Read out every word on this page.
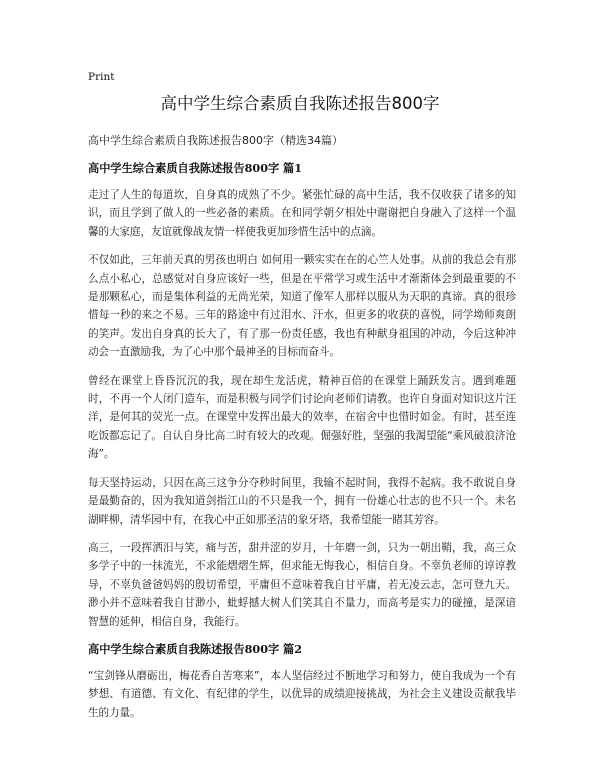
Print
高中学生综合素质自我陈述报告800字
高中学生综合素质自我陈述报告800字（精选34篇）
高中学生综合素质自我陈述报告800字 篇1

走过了人生的每道坎，自身真的成熟了不少。紧张忙碌的高中生活，我不仅收获了诸多的知识，而且学到了做人的一些必备的素质。在和同学朝夕相处中谢谢把自身融入了这样一个温馨的大家庭，友谊就像战友情一样使我更加珍惜生活中的点滴。

不仅如此，三年前天真的男孩也明白 如何用一颗实实在在的心竺人处事。从前的我总会有那么点小私心，总感觉对自身应该好一些，但是在平常学习或生活中才渐渐体会到最重要的不是那颗私心，而是集体利益的无尚光荣，知道了像军人那样以服从为天职的真谛。真的很珍惜每一秒的来之不易。三年的路途中有过泪水、汗水，但更多的收获的喜悦，同学坳师爽朗的笑声。发出自身真的长大了，有了那一份责任感，我也有种献身祖国的冲动，今后这种冲动会一直激励我，为了心中那个最神圣的目标而奋斗。

曾经在课堂上昏昏沉沉的我，现在却生龙活虎，精神百倍的在课堂上踊跃发言。遇到难题时，不再一个人闭门造车，而是积极与同学们讨论向老师们请教。也许自身面对知识这片汪洋，是何其的荧光一点。在课堂中发挥出最大的效率，在宿舍中也惜时如金。有时，甚至连吃饭都忘记了。自认自身比高二时有较大的改观。倔强好胜，坚强的我渴望能“乘风破浪济沧海”。

每天坚持运动，只因在高三这争分夺秒时间里，我输不起时间，我得不起病。我不敢说自身是最勤奋的，因为我知道剑指江山的不只是我一个，拥有一份雄心壮志的也不只一个。未名湖畔柳，清华园中有，在我心中正如那圣洁的象牙塔，我希望能一睹其芳容。

高三，一段挥洒汨与笑，痛与苦，甜并涩的岁月，十年磨一剑，只为一朝出鞘，我，高三众多学子中的一抹流光，不求能熠熠生辉，但求能无悔我心，相信自身。不辜负老师的谆谆教导，不辜负爸爸妈妈的殷切希望，平庸但不意味着我自甘平庸，若无凌云志，怎可登九天。渺小并不意味着我自甘渺小，蚍蜉撼大树人们笑其自不量力，而高考是实力的碰撞，是深谙智慧的延伸，相信自身，我能行。

高中学生综合素质自我陈述报告800字 篇2

“宝剑锋从磨砺出，梅花香自苦寒来”，本人坚信经过不断地学习和努力，使自我成为一个有梦想、有道德、有文化、有纪律的学生，以优异的成绩迎接挑战，为社会主义建设贡献我毕生的力量。
